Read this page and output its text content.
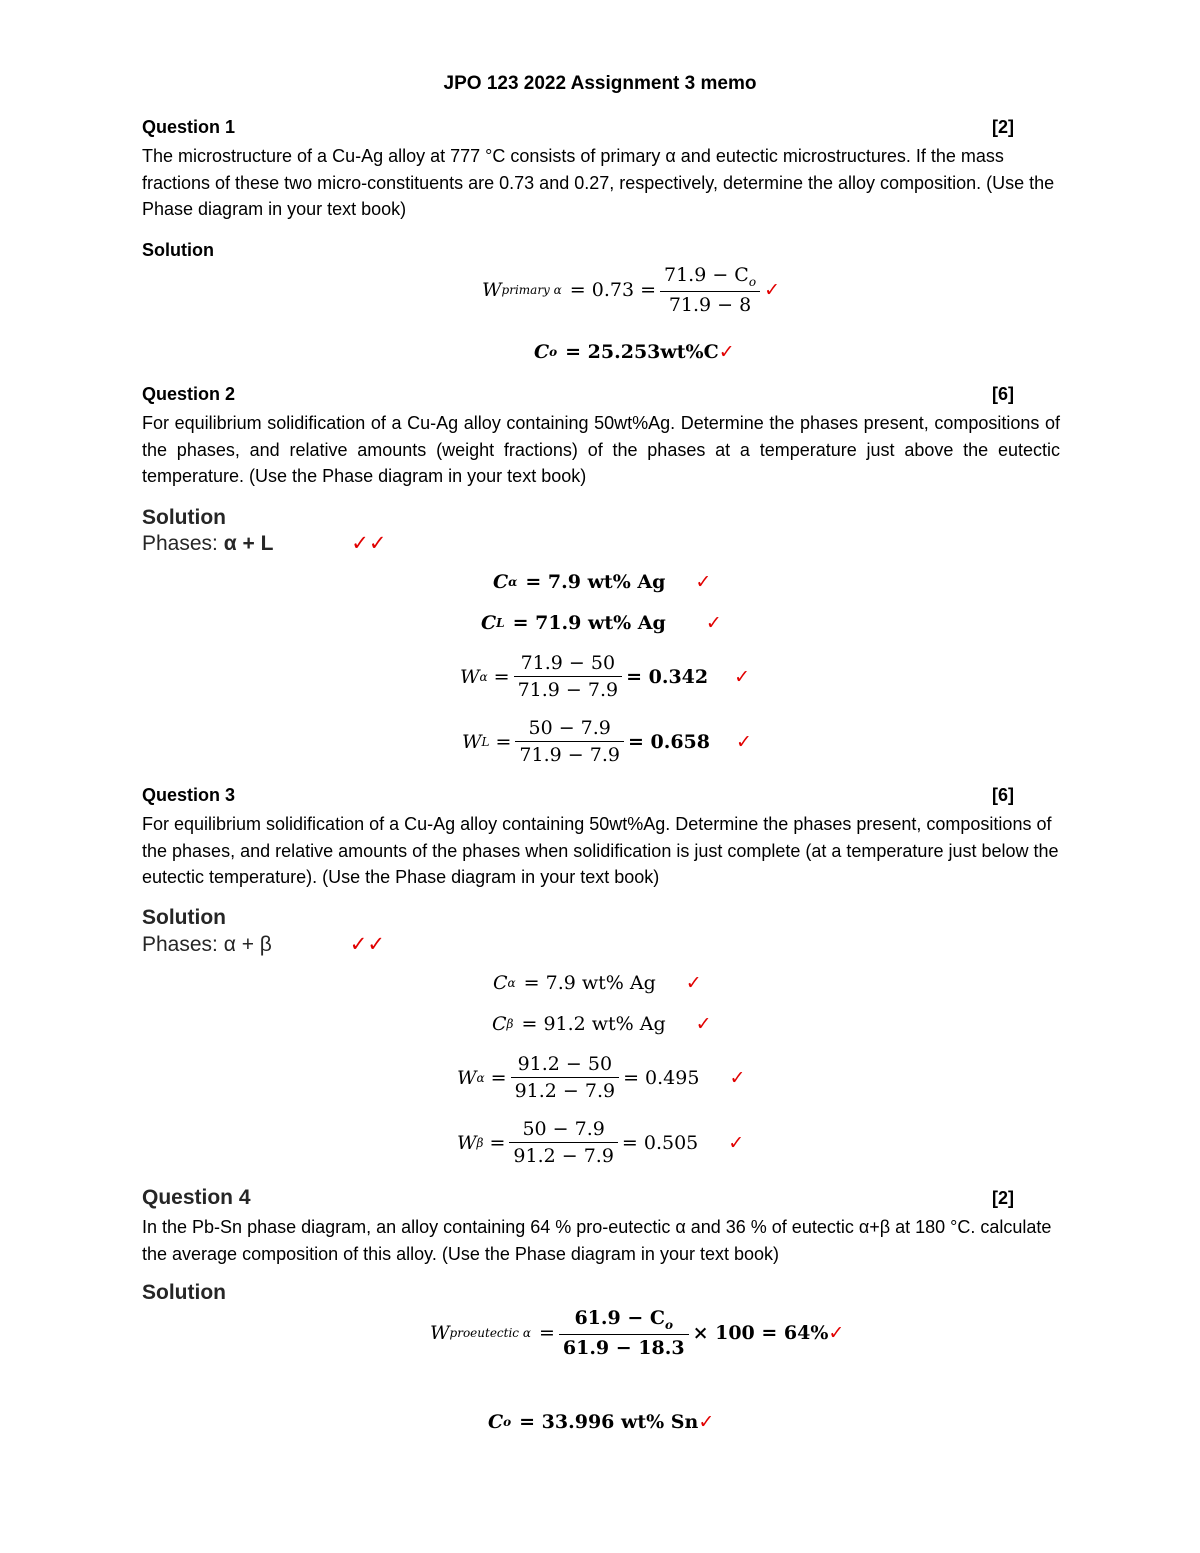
JPO 123 2022 Assignment 3 memo
Question 1	[2]
The microstructure of a Cu-Ag alloy at 777 °C consists of primary α and eutectic microstructures. If the mass fractions of these two micro-constituents are 0.73 and 0.27, respectively, determine the alloy composition. (Use the Phase diagram in your text book)
Solution
W primary $\alpha = 0.73 = \frac{71.9 - C_o}{71.9 - 8}$ ✓
C o = 25.253wt%C ✓
Question 2	[6]
For equilibrium solidification of a Cu-Ag alloy containing 50wt%Ag. Determine the phases present, compositions of the phases, and relative amounts (weight fractions) of the phases at a temperature just above the eutectic temperature. (Use the Phase diagram in your text book)
Solution
Phases: α + L	✓✓
C α = 7.9 wt% Ag ✓
C L = 71.9 wt% Ag ✓
W $\alpha = \frac{71.9 - 50}{71.9 - 7.9} = 0.342$ ✓
W $L = \frac{50 - 7.9}{71.9 - 7.9} = 0.658$ ✓
Question 3	[6]
For equilibrium solidification of a Cu-Ag alloy containing 50wt%Ag. Determine the phases present, compositions of the phases, and relative amounts of the phases when solidification is just complete (at a temperature just below the eutectic temperature). (Use the Phase diagram in your text book)
Solution
Phases: α + β	✓✓
C α = 7.9 wt% Ag ✓
C β = 91.2 wt% Ag ✓
W $\alpha = \frac{91.2 - 50}{91.2 - 7.9} = 0.495$ ✓
W $\beta = \frac{50 - 7.9}{91.2 - 7.9} = 0.505$ ✓
Question 4	[2]
In the Pb-Sn phase diagram, an alloy containing 64 % pro-eutectic α and 36 % of eutectic α+β at 180 °C. calculate the average composition of this alloy. (Use the Phase diagram in your text book)
Solution
W proeutectic $\alpha = \frac{61.9 - C_o}{61.9 - 18.3} \times 100 = 64\%$ ✓
C o = 33.996 wt% Sn ✓
